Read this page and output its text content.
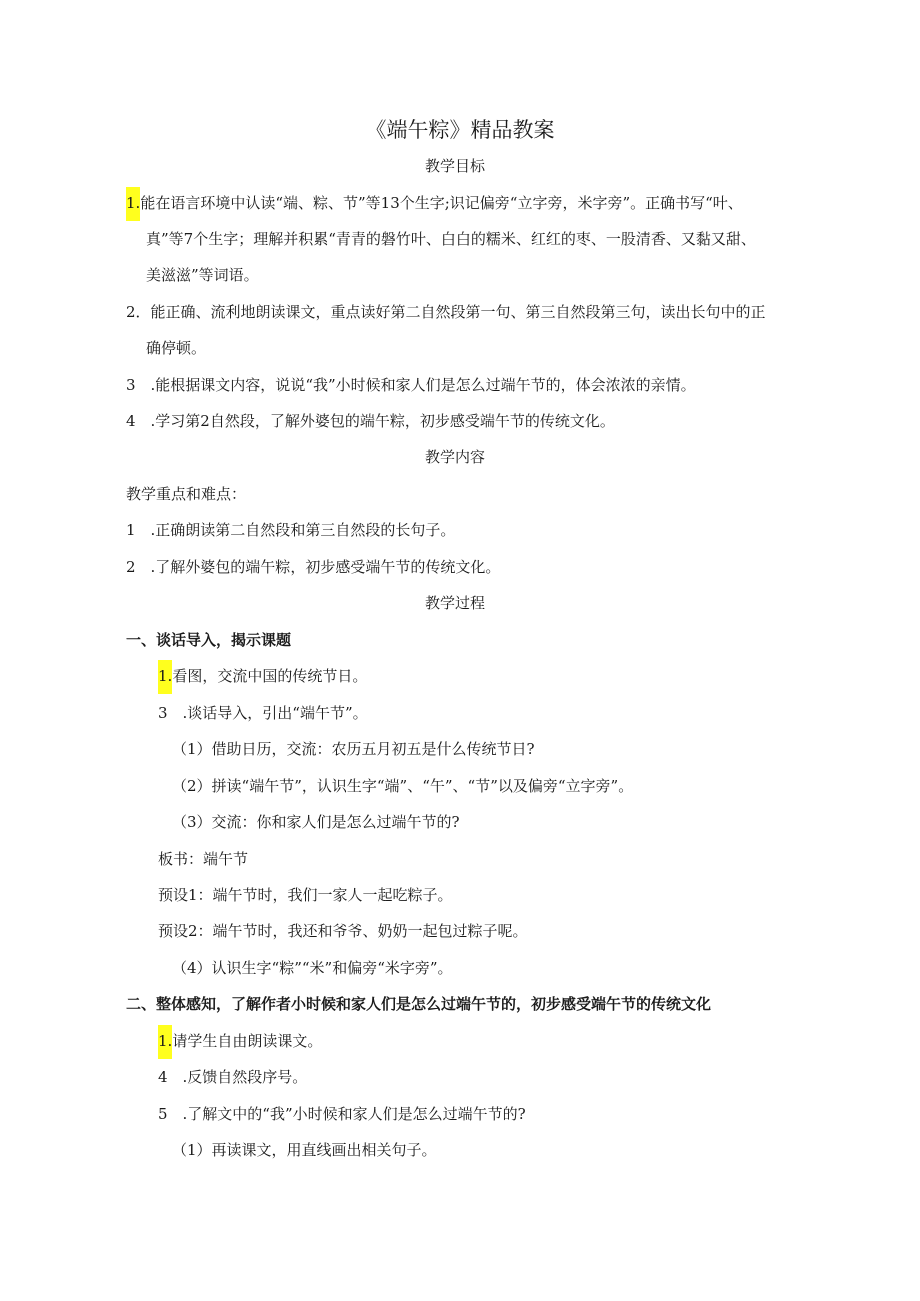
《端午粽》精品教案
教学目标
1.能在语言环境中认读“端、粽、节”等13个生字;识记偏旁“立字旁，米字旁”。正确书写“叶、
真”等7个生字；理解并积累“青青的磐竹叶、白白的糯米、红红的枣、一股清香、又黏又甜、
美滋滋”等词语。
2．能正确、流利地朗读课文，重点读好第二自然段第一句、第三自然段第三句，读出长句中的正
确停顿。
3　.能根据课文内容，说说“我”小时候和家人们是怎么过端午节的，体会浓浓的亲情。
4　.学习第2自然段，了解外婆包的端午粽，初步感受端午节的传统文化。
教学内容
教学重点和难点：
1　.正确朗读第二自然段和第三自然段的长句子。
2　.了解外婆包的端午粽，初步感受端午节的传统文化。
教学过程
一、谈话导入，揭示课题
1.看图，交流中国的传统节日。
3　.谈话导入，引出“端午节”。
（1）借助日历，交流：农历五月初五是什么传统节日?
（2）拼读“端午节”，认识生字“端”、“午”、“节”以及偏旁“立字旁”。
（3）交流：你和家人们是怎么过端午节的?
板书：端午节
预设1：端午节时，我们一家人一起吃粽子。
预设2：端午节时，我还和爷爷、奶奶一起包过粽子呢。
（4）认识生字“粽”“米”和偏旁“米字旁”。
二、整体感知，了解作者小时候和家人们是怎么过端午节的，初步感受端午节的传统文化
1.请学生自由朗读课文。
4　.反馈自然段序号。
5　.了解文中的“我”小时候和家人们是怎么过端午节的?
（1）再读课文，用直线画出相关句子。
